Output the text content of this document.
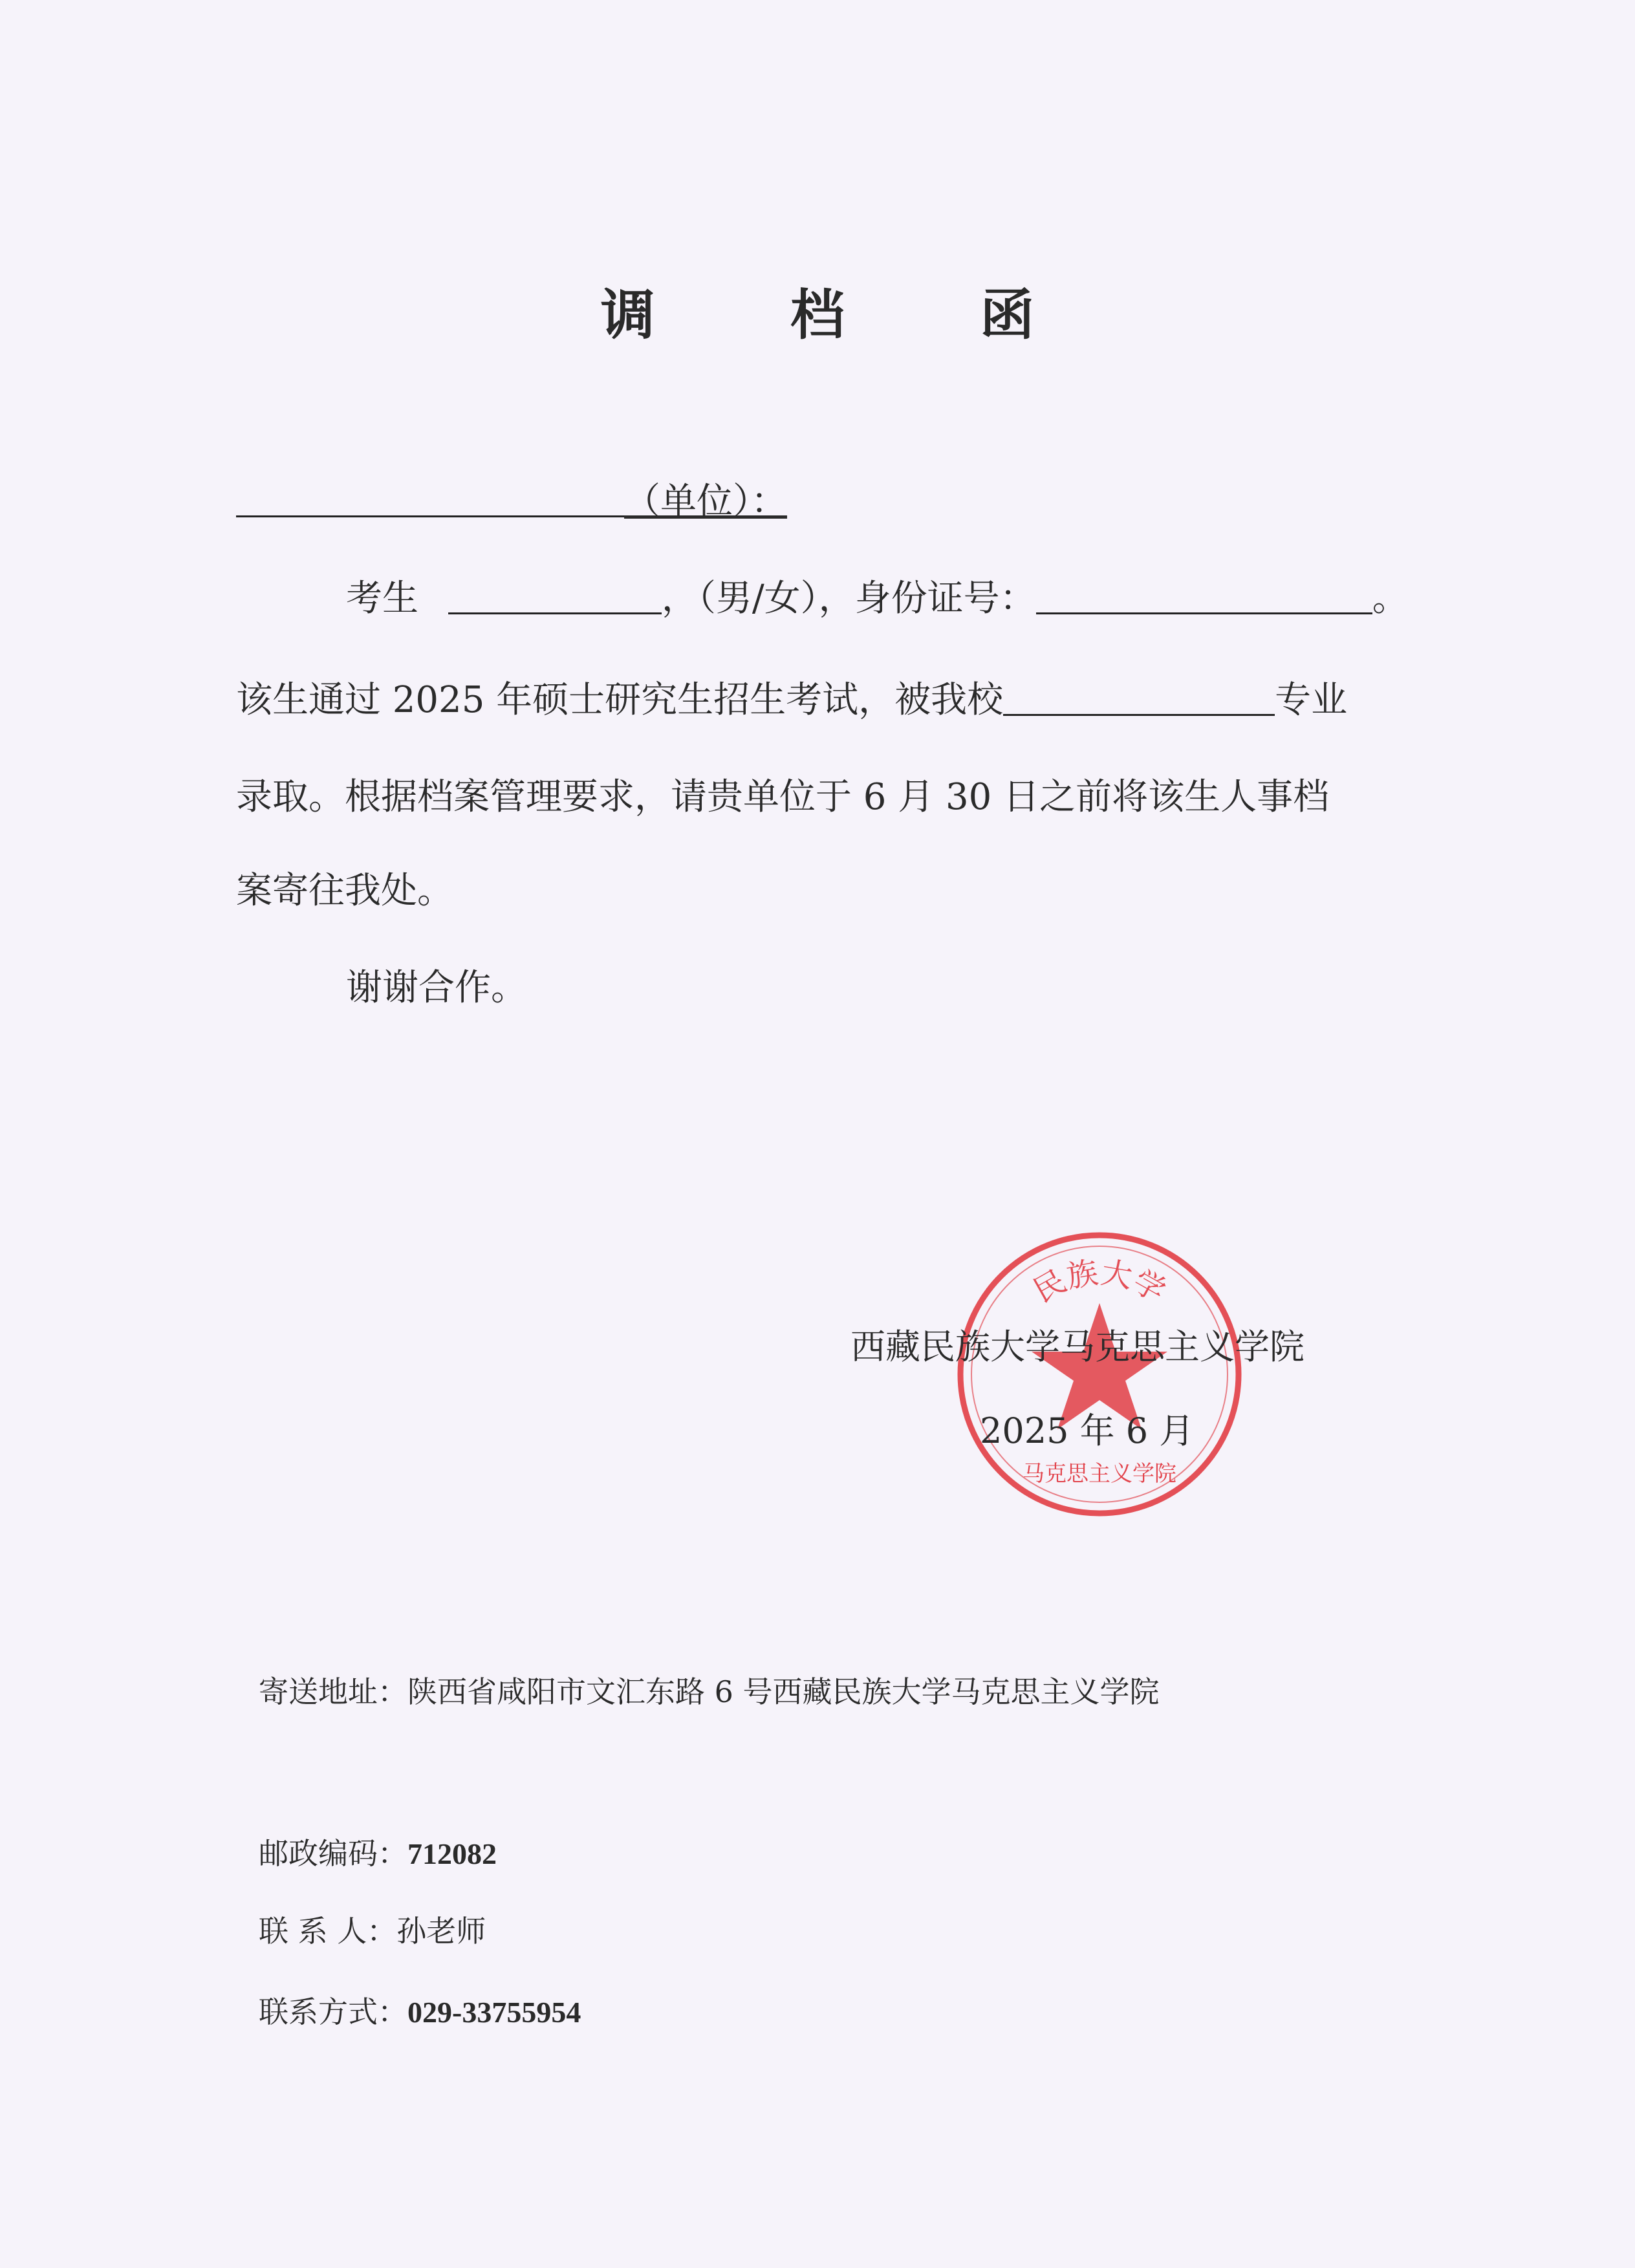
调 档 函
（单位）：
考生	，（男/女），身份证号：	。
该生通过 2025 年硕士研究生招生考试，被我校	专业
录取。根据档案管理要求，请贵单位于 6 月 30 日之前将该生人事档
案寄往我处。
谢谢合作。
民族大学
马克思主义学院
西藏民族大学马克思主义学院
2025 年 6 月
寄送地址：陕西省咸阳市文汇东路 6 号西藏民族大学马克思主义学院
邮政编码：712082
联 系 人：孙老师
联系方式：029-33755954
